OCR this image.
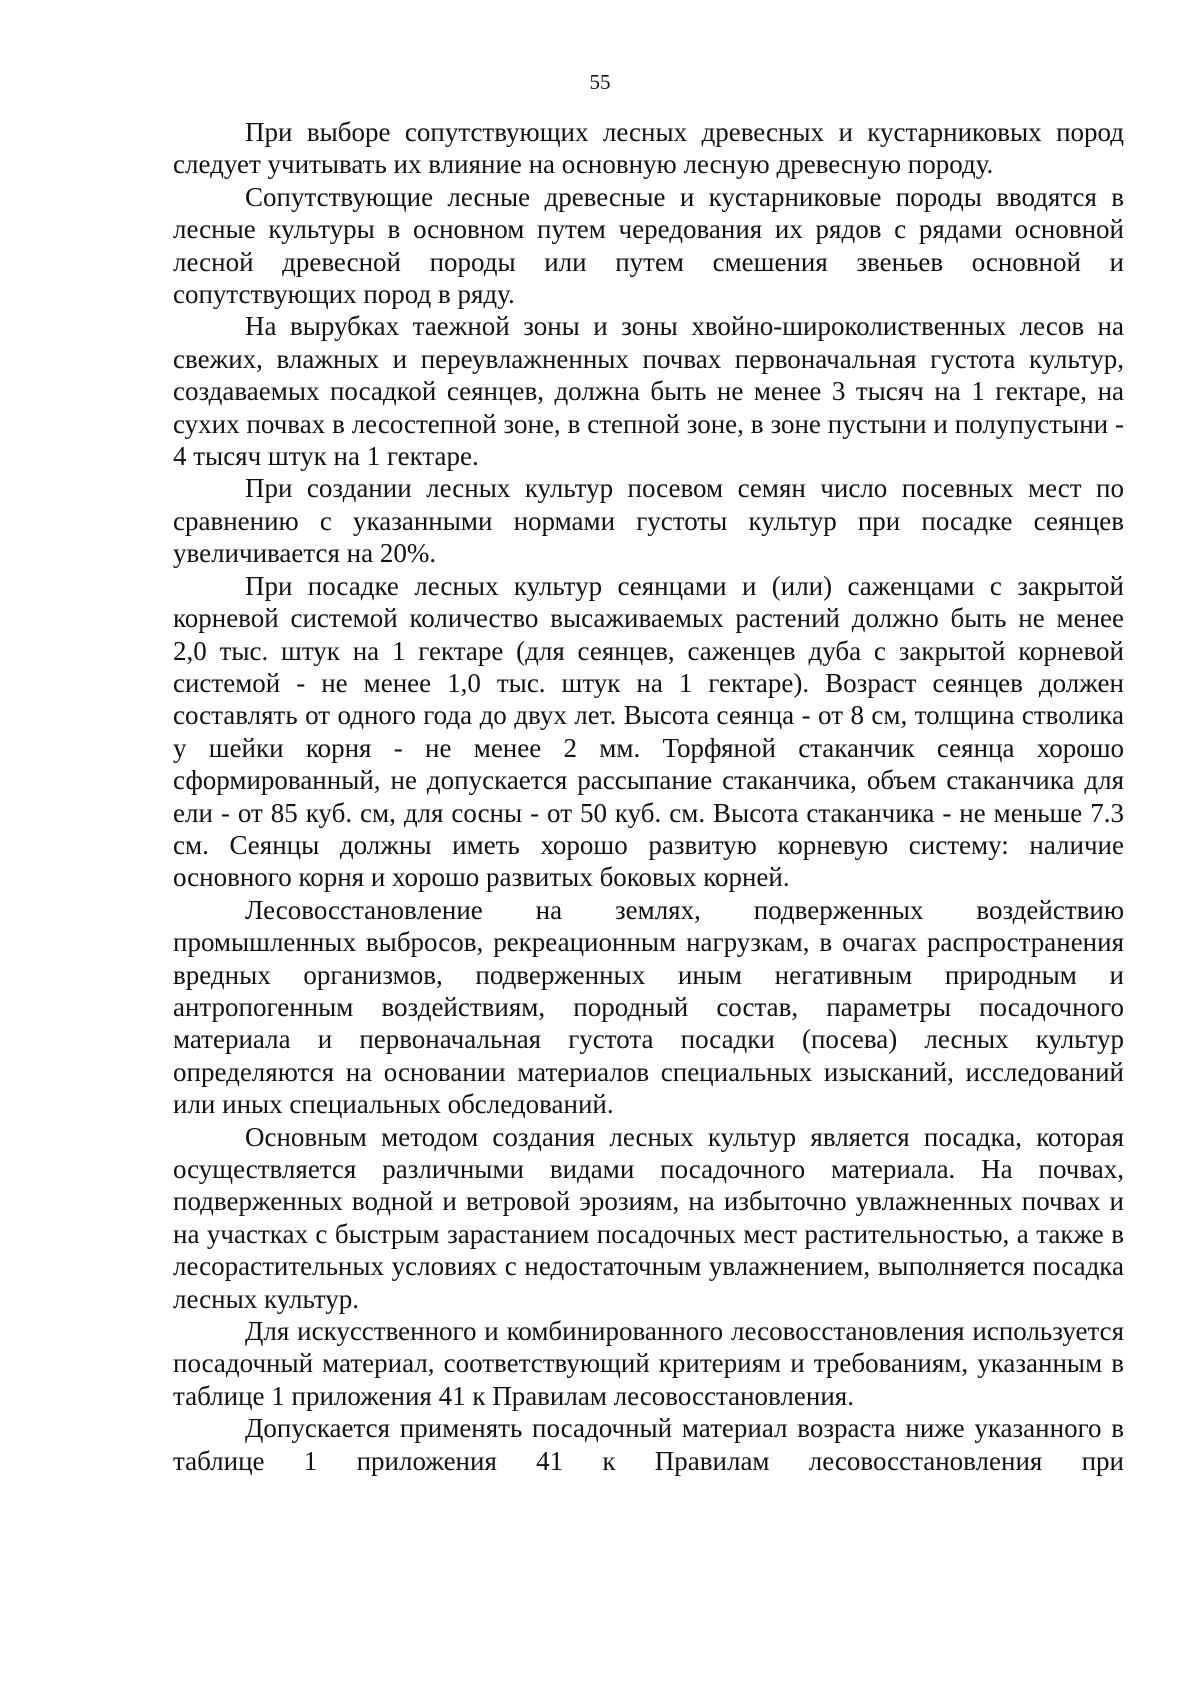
55

При выборе сопутствующих лесных древесных и кустарниковых пород следует учитывать их влияние на основную лесную древесную породу.

Сопутствующие лесные древесные и кустарниковые породы вводятся в лесные культуры в основном путем чередования их рядов с рядами основной лесной древесной породы или путем смешения звеньев основной и сопутствующих пород в ряду.

На вырубках таежной зоны и зоны хвойно-широколиственных лесов на свежих, влажных и переувлажненных почвах первоначальная густота культур, создаваемых посадкой сеянцев, должна быть не менее 3 тысяч на 1 гектаре, на сухих почвах в лесостепной зоне, в степной зоне, в зоне пустыни и полупустыни - 4 тысяч штук на 1 гектаре.

При создании лесных культур посевом семян число посевных мест по сравнению с указанными нормами густоты культур при посадке сеянцев увеличивается на 20%.

При посадке лесных культур сеянцами и (или) саженцами с закрытой корневой системой количество высаживаемых растений должно быть не менее 2,0 тыс. штук на 1 гектаре (для сеянцев, саженцев дуба с закрытой корневой системой - не менее 1,0 тыс. штук на 1 гектаре). Возраст сеянцев должен составлять от одного года до двух лет. Высота сеянца - от 8 см, толщина стволика у шейки корня - не менее 2 мм. Торфяной стаканчик сеянца хорошо сформированный, не допускается рассыпание стаканчика, объем стаканчика для ели - от 85 куб. см, для сосны - от 50 куб. см. Высота стаканчика - не меньше 7.3 см. Сеянцы должны иметь хорошо развитую корневую систему: наличие основного корня и хорошо развитых боковых корней.

Лесовосстановление на землях, подверженных воздействию промышленных выбросов, рекреационным нагрузкам, в очагах распространения вредных организмов, подверженных иным негативным природным и антропогенным воздействиям, породный состав, параметры посадочного материала и первоначальная густота посадки (посева) лесных культур определяются на основании материалов специальных изысканий, исследований или иных специальных обследований.

Основным методом создания лесных культур является посадка, которая осуществляется различными видами посадочного материала. На почвах, подверженных водной и ветровой эрозиям, на избыточно увлажненных почвах и на участках с быстрым зарастанием посадочных мест растительностью, а также в лесорастительных условиях с недостаточным увлажнением, выполняется посадка лесных культур.

Для искусственного и комбинированного лесовосстановления используется посадочный материал, соответствующий критериям и требованиям, указанным в таблице 1 приложения 41 к Правилам лесовосстановления.

Допускается применять посадочный материал возраста ниже указанного в таблице 1 приложения 41 к Правилам лесовосстановления при
